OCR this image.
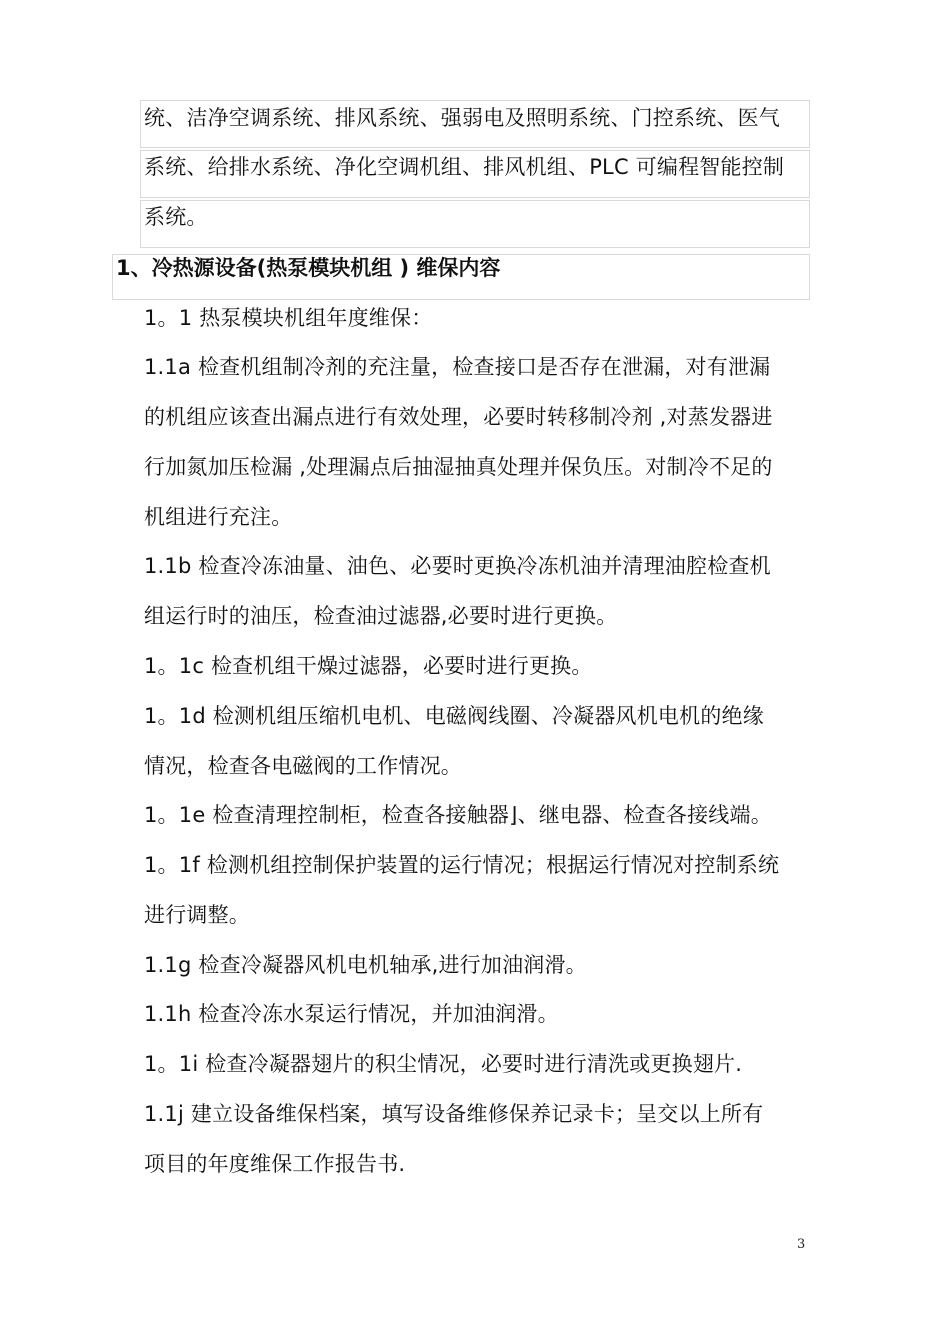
统、洁净空调系统、排风系统、强弱电及照明系统、门控系统、医气
系统、给排水系统、净化空调机组、排风机组、PLC 可编程智能控制
系统。
1、冷热源设备(热泵模块机组 ) 维保内容
1。1 热泵模块机组年度维保：
1.1a 检查机组制冷剂的充注量，检查接口是否存在泄漏，对有泄漏
的机组应该查出漏点进行有效处理，必要时转移制冷剂 ,对蒸发器进
行加氮加压检漏 ,处理漏点后抽湿抽真处理并保负压。对制冷不足的
机组进行充注。
1.1b 检查冷冻油量、油色、必要时更换冷冻机油并清理油腔检查机
组运行时的油压，检查油过滤器,必要时进行更换。
1。1c 检查机组干燥过滤器，必要时进行更换。
1。1d 检测机组压缩机电机、电磁阀线圈、冷凝器风机电机的绝缘
情况，检查各电磁阀的工作情况。
1。1e 检查清理控制柜，检查各接触器⌋、继电器、检查各接线端。
1。1f 检测机组控制保护装置的运行情况；根据运行情况对控制系统
进行调整。
1.1g 检查冷凝器风机电机轴承,进行加油润滑。
1.1h 检查冷冻水泵运行情况，并加油润滑。
1。1i 检查冷凝器翅片的积尘情况，必要时进行清洗或更换翅片.
1.1j 建立设备维保档案，填写设备维修保养记录卡；呈交以上所有
项目的年度维保工作报告书.
3
